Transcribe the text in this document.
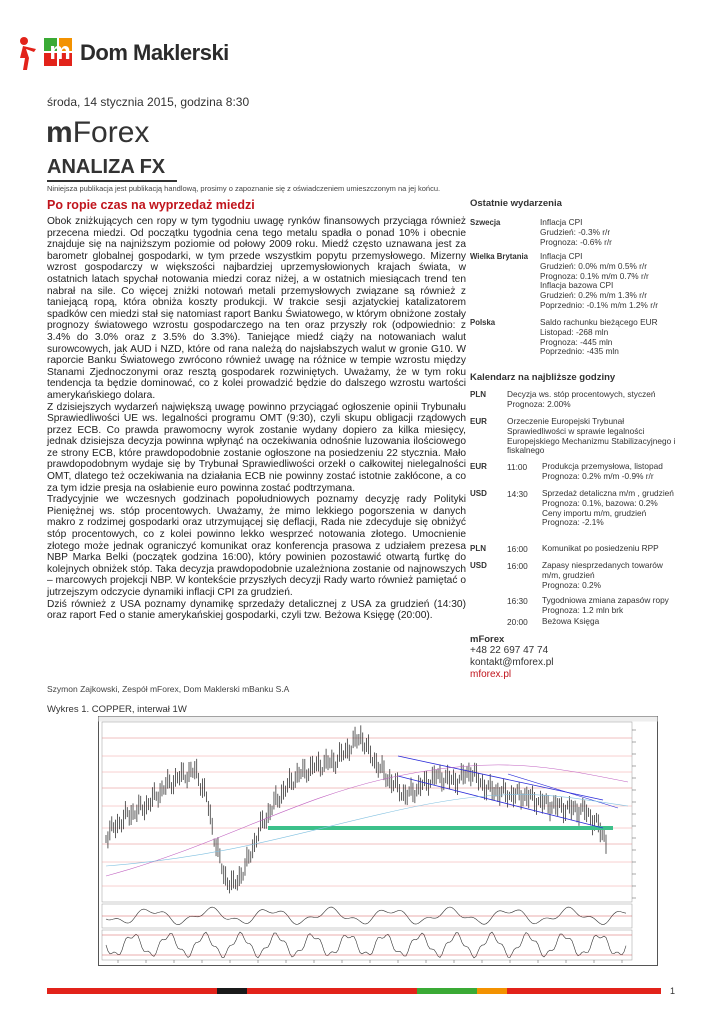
m Dom Maklerski
środa, 14 stycznia 2015, godzina 8:30
mForex
ANALIZA FX
Niniejsza publikacja jest publikacją handlową, prosimy o zapoznanie się z oświadczeniem umieszczonym na jej końcu.
Po ropie czas na wyprzedaż miedzi

Obok zniżkujących cen ropy w tym tygodniu uwagę rynków finansowych przyciąga również przecena miedzi. Od początku tygodnia cena tego metalu spadła o ponad 10% i obecnie znajduje się na najniższym poziomie od połowy 2009 roku. Miedź często uznawana jest za barometr globalnej gospodarki, w tym przede wszystkim popytu przemysłowego. Mizerny wzrost gospodarczy w większości najbardziej uprzemysłowionych krajach świata, w ostatnich latach spychał notowania miedzi coraz niżej, a w ostatnich miesiącach trend ten nabrał na sile. Co więcej zniżki notowań metali przemysłowych związane są również z taniejącą ropą, która obniża koszty produkcji. W trakcie sesji azjatyckiej katalizatorem spadków cen miedzi stał się natomiast raport Banku Światowego, w którym obniżone zostały prognozy światowego wzrostu gospodarczego na ten oraz przyszły rok (odpowiednio: z 3.4% do 3.0% oraz z 3.5% do 3.3%). Taniejące miedź ciąży na notowaniach walut surowcowych, jak AUD i NZD, które od rana należą do najsłabszych walut w gronie G10. W raporcie Banku Światowego zwrócono również uwagę na różnice w tempie wzrostu między Stanami Zjednoczonymi oraz resztą gospodarek rozwiniętych. Uważamy, że w tym roku tendencja ta będzie dominować, co z kolei prowadzić będzie do dalszego wzrostu wartości amerykańskiego dolara.

Z dzisiejszych wydarzeń największą uwagę powinno przyciągać ogłoszenie opinii Trybunału Sprawiedliwości UE ws. legalności programu OMT (9:30), czyli skupu obligacji rządowych przez ECB. Co prawda prawomocny wyrok zostanie wydany dopiero za kilka miesięcy, jednak dzisiejsza decyzja powinna wpłynąć na oczekiwania odnośnie luzowania ilościowego ze strony ECB, które prawdopodobnie zostanie ogłoszone na posiedzeniu 22 stycznia. Mało prawdopodobnym wydaje się by Trybunał Sprawiedliwości orzekł o całkowitej nielegalności OMT, dlatego też oczekiwania na działania ECB nie powinny zostać istotnie zakłócone, a co za tym idzie presja na osłabienie euro powinna zostać podtrzymana.

Tradycyjnie we wczesnych godzinach popołudniowych poznamy decyzję rady Polityki Pieniężnej ws. stóp procentowych. Uważamy, że mimo lekkiego pogorszenia w danych makro z rodzimej gospodarki oraz utrzymującej się deflacji, Rada nie zdecyduje się obniżyć stóp procentowych, co z kolei powinno lekko wesprzeć notowania złotego. Umocnienie złotego może jednak ograniczyć komunikat oraz konferencja prasowa z udziałem prezesa NBP Marka Belki (początek godzina 16:00), który powinien pozostawić otwartą furtkę do kolejnych obniżek stóp. Taka decyzja prawdopodobnie uzależniona zostanie od najnowszych – marcowych projekcji NBP. W kontekście przyszłych decyzji Rady warto również pamiętać o jutrzejszym odczycie dynamiki inflacji CPI za grudzień.

Dziś również z USA poznamy dynamikę sprzedaży detalicznej z USA za grudzień (14:30) oraz raport Fed o stanie amerykańskiej gospodarki, czyli tzw. Beżowa Księgę (20:00).

Szymon Zajkowski, Zespół mForex, Dom Maklerski mBanku S.A
Wykres 1. COPPER, interwał 1W
Ostatnie wydarzenia
Szwecja	Inflacja CPI
Grudzień: -0.3% r/r
Prognoza: -0.6% r/r
Wielka Brytania Inflacja CPI
Grudzień: 0.0% m/m 0.5% r/r
Prognoza: 0.1% m/m 0.7% r/r
Inflacja bazowa CPI
Grudzień: 0.2% m/m 1.3% r/r
Poprzednio: -0.1% m/m 1.2% r/r
Polska	Saldo rachunku bieżącego EUR
Listopad: -268 mln
Prognoza: -445 mln
Poprzednio: -435 mln
Kalendarz na najbliższe godziny
PLN	Decyzja ws. stóp procentowych, styczeń
Prognoza: 2.00%
EUR Orzeczenie Europejski Trybunał
Sprawiedliwości w sprawie legalności
Europejskiego Mechanizmu Stabilizacyjnego i
fiskalnego
EUR 11:00 Produkcja przemysłowa, listopad
Prognoza: 0.2% m/m -0.9% r/r
USD 14:30 Sprzedaż detaliczna m/m , grudzień
Prognoza: 0.1%, bazowa: 0.2%
Ceny importu m/m, grudzień
Prognoza: -2.1%
PLN	16:00 Komunikat po posiedzeniu RPP
USD 16:00 Zapasy niesprzedanych towarów
m/m, grudzień
Prognoza: 0.2%
16:30 Tygodniowa zmiana zapasów ropy
Prognoza: 1.2 mln brk
20:00 Beżowa Księga
mForex
+48 22 697 47 74
kontakt@mforex.pl
mforex.pl
1
